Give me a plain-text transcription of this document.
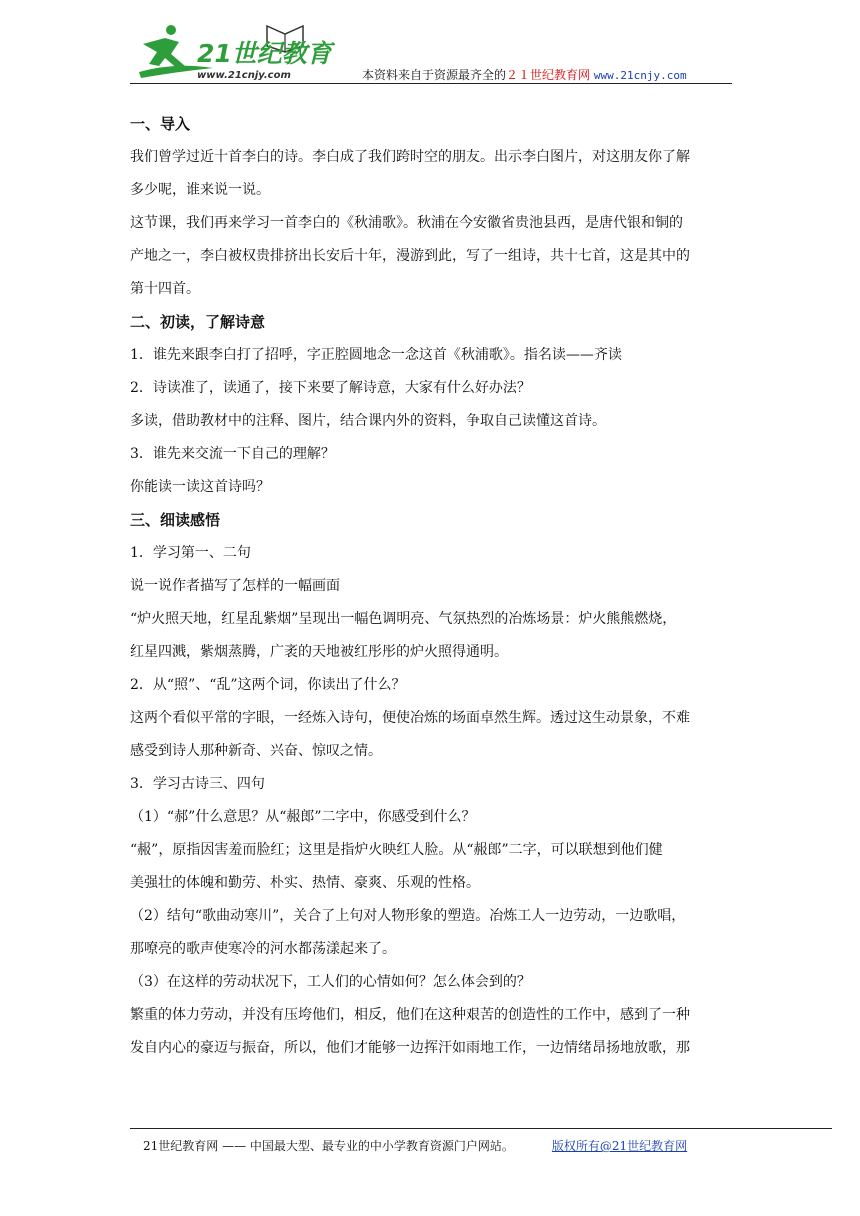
21世纪教育
www.21cnjy.com	本资料来自于资源最齐全的２１世纪教育网 www.21cnjy.com
一、导入
我们曾学过近十首李白的诗。李白成了我们跨时空的朋友。出示李白图片，对这朋友你了解
多少呢，谁来说一说。
这节课，我们再来学习一首李白的《秋浦歌》。秋浦在今安徽省贵池县西，是唐代银和铜的
产地之一，李白被权贵排挤出长安后十年，漫游到此，写了一组诗，共十七首，这是其中的
第十四首。
二、初读，了解诗意
1．谁先来跟李白打了招呼，字正腔圆地念一念这首《秋浦歌》。指名读——齐读
2．诗读准了，读通了，接下来要了解诗意，大家有什么好办法？
多读，借助教材中的注释、图片，结合课内外的资料，争取自己读懂这首诗。
3．谁先来交流一下自己的理解？
你能读一读这首诗吗？
三、细读感悟
1．学习第一、二句
说一说作者描写了怎样的一幅画面
“炉火照天地，红星乱紫烟”呈现出一幅色调明亮、气氛热烈的冶炼场景：炉火熊熊燃烧，
红星四溅，紫烟蒸腾，广袤的天地被红彤彤的炉火照得通明。
2．从“照”、“乱”这两个词，你读出了什么？
这两个看似平常的字眼，一经炼入诗句，便使冶炼的场面卓然生辉。透过这生动景象，不难
感受到诗人那种新奇、兴奋、惊叹之情。
3．学习古诗三、四句
（1）“郝”什么意思？从“赧郎”二字中，你感受到什么？
“赧”，原指因害羞而脸红；这里是指炉火映红人脸。从“赧郎”二字，可以联想到他们健
美强壮的体魄和勤劳、朴实、热情、豪爽、乐观的性格。
（2）结句“歌曲动寒川”，关合了上句对人物形象的塑造。冶炼工人一边劳动，一边歌唱，
那嘹亮的歌声使寒冷的河水都荡漾起来了。
（3）在这样的劳动状况下，工人们的心情如何？怎么体会到的？
繁重的体力劳动，并没有压垮他们，相反，他们在这种艰苦的创造性的工作中，感到了一种
发自内心的豪迈与振奋，所以，他们才能够一边挥汗如雨地工作，一边情绪昂扬地放歌，那
21世纪教育网 —— 中国最大型、最专业的中小学教育资源门户网站。	版权所有@21世纪教育网
